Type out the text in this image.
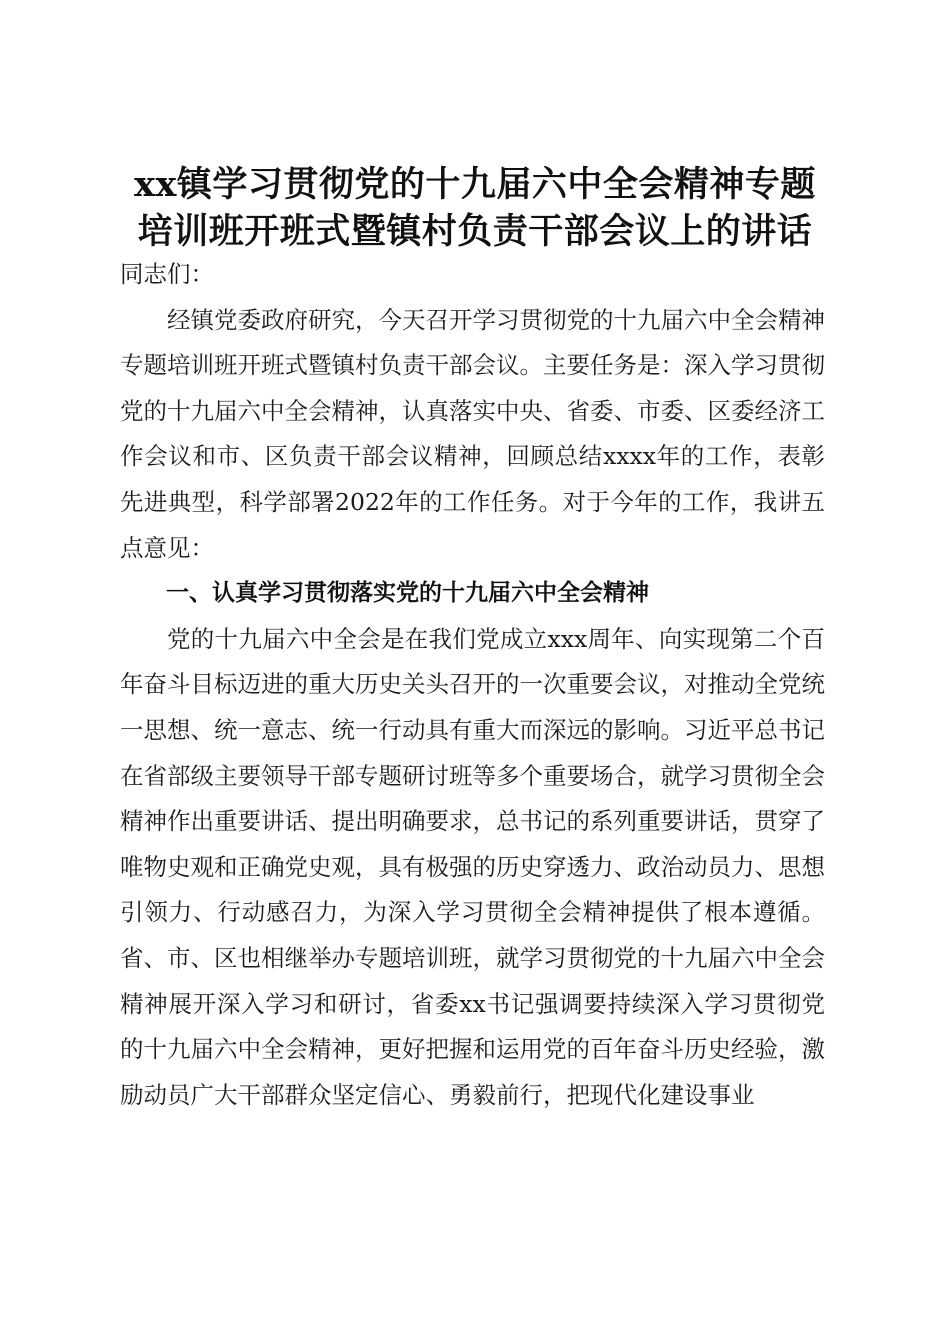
xx镇学习贯彻党的十九届六中全会精神专题
培训班开班式暨镇村负责干部会议上的讲话

同志们：

经镇党委政府研究，今天召开学习贯彻党的十九届六中全会精神专题培训班开班式暨镇村负责干部会议。主要任务是：深入学习贯彻党的十九届六中全会精神，认真落实中央、省委、市委、区委经济工作会议和市、区负责干部会议精神，回顾总结xxxx年的工作，表彰先进典型，科学部署2022年的工作任务。对于今年的工作，我讲五点意见：

一、认真学习贯彻落实党的十九届六中全会精神

党的十九届六中全会是在我们党成立xxx周年、向实现第二个百年奋斗目标迈进的重大历史关头召开的一次重要会议，对推动全党统一思想、统一意志、统一行动具有重大而深远的影响。习近平总书记在省部级主要领导干部专题研讨班等多个重要场合，就学习贯彻全会精神作出重要讲话、提出明确要求，总书记的系列重要讲话，贯穿了唯物史观和正确党史观，具有极强的历史穿透力、政治动员力、思想引领力、行动感召力，为深入学习贯彻全会精神提供了根本遵循。省、市、区也相继举办专题培训班，就学习贯彻党的十九届六中全会精神展开深入学习和研讨，省委xx书记强调要持续深入学习贯彻党的十九届六中全会精神，更好把握和运用党的百年奋斗历史经验，激励动员广大干部群众坚定信心、勇毅前行，把现代化建设事业
